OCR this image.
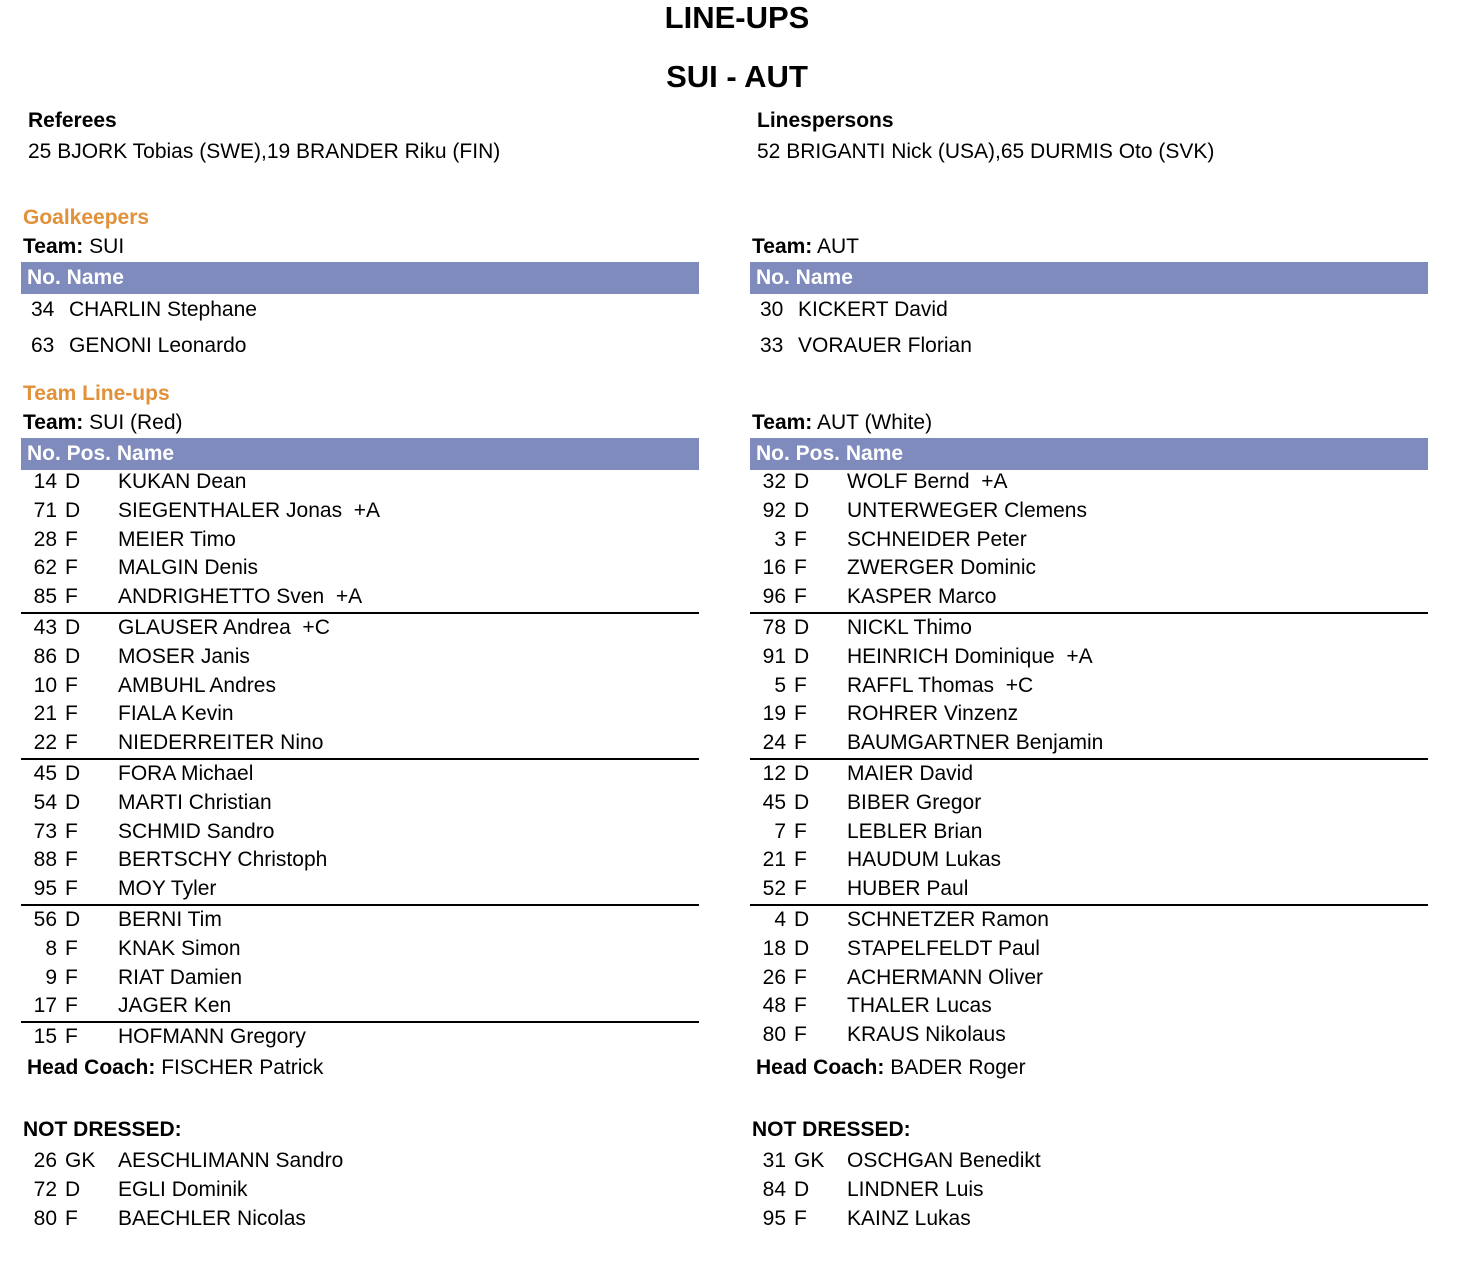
LINE-UPS
SUI - AUT
Referees
25 BJORK Tobias (SWE),19 BRANDER Riku (FIN)
Linespersons
52 BRIGANTI Nick (USA),65 DURMIS Oto (SVK)
Goalkeepers
Team: SUI
No. Name
34 CHARLIN Stephane
63 GENONI Leonardo
Team: AUT
No. Name
30 KICKERT David
33 VORAUER Florian
Team Line-ups
Team: SUI (Red)
No. Pos. Name
14 D KUKAN Dean
71 D SIEGENTHALER Jonas  +A
28 F MEIER Timo
62 F MALGIN Denis
85 F ANDRIGHETTO Sven  +A
43 D GLAUSER Andrea  +C
86 D MOSER Janis
10 F AMBUHL Andres
21 F FIALA Kevin
22 F NIEDERREITER Nino
45 D FORA Michael
54 D MARTI Christian
73 F SCHMID Sandro
88 F BERTSCHY Christoph
95 F MOY Tyler
56 D BERNI Tim
8 F KNAK Simon
9 F RIAT Damien
17 F JAGER Ken
15 F HOFMANN Gregory
Head Coach: FISCHER Patrick
NOT DRESSED:
26 GK AESCHLIMANN Sandro
72 D EGLI Dominik
80 F BAECHLER Nicolas
Team: AUT (White)
No. Pos. Name
32 D WOLF Bernd  +A
92 D UNTERWEGER Clemens
3 F SCHNEIDER Peter
16 F ZWERGER Dominic
96 F KASPER Marco
78 D NICKL Thimo
91 D HEINRICH Dominique  +A
5 F RAFFL Thomas  +C
19 F ROHRER Vinzenz
24 F BAUMGARTNER Benjamin
12 D MAIER David
45 D BIBER Gregor
7 F LEBLER Brian
21 F HAUDUM Lukas
52 F HUBER Paul
4 D SCHNETZER Ramon
18 D STAPELFELDT Paul
26 F ACHERMANN Oliver
48 F THALER Lucas
80 F KRAUS Nikolaus
Head Coach: BADER Roger
NOT DRESSED:
31 GK OSCHGAN Benedikt
84 D LINDNER Luis
95 F KAINZ Lukas
